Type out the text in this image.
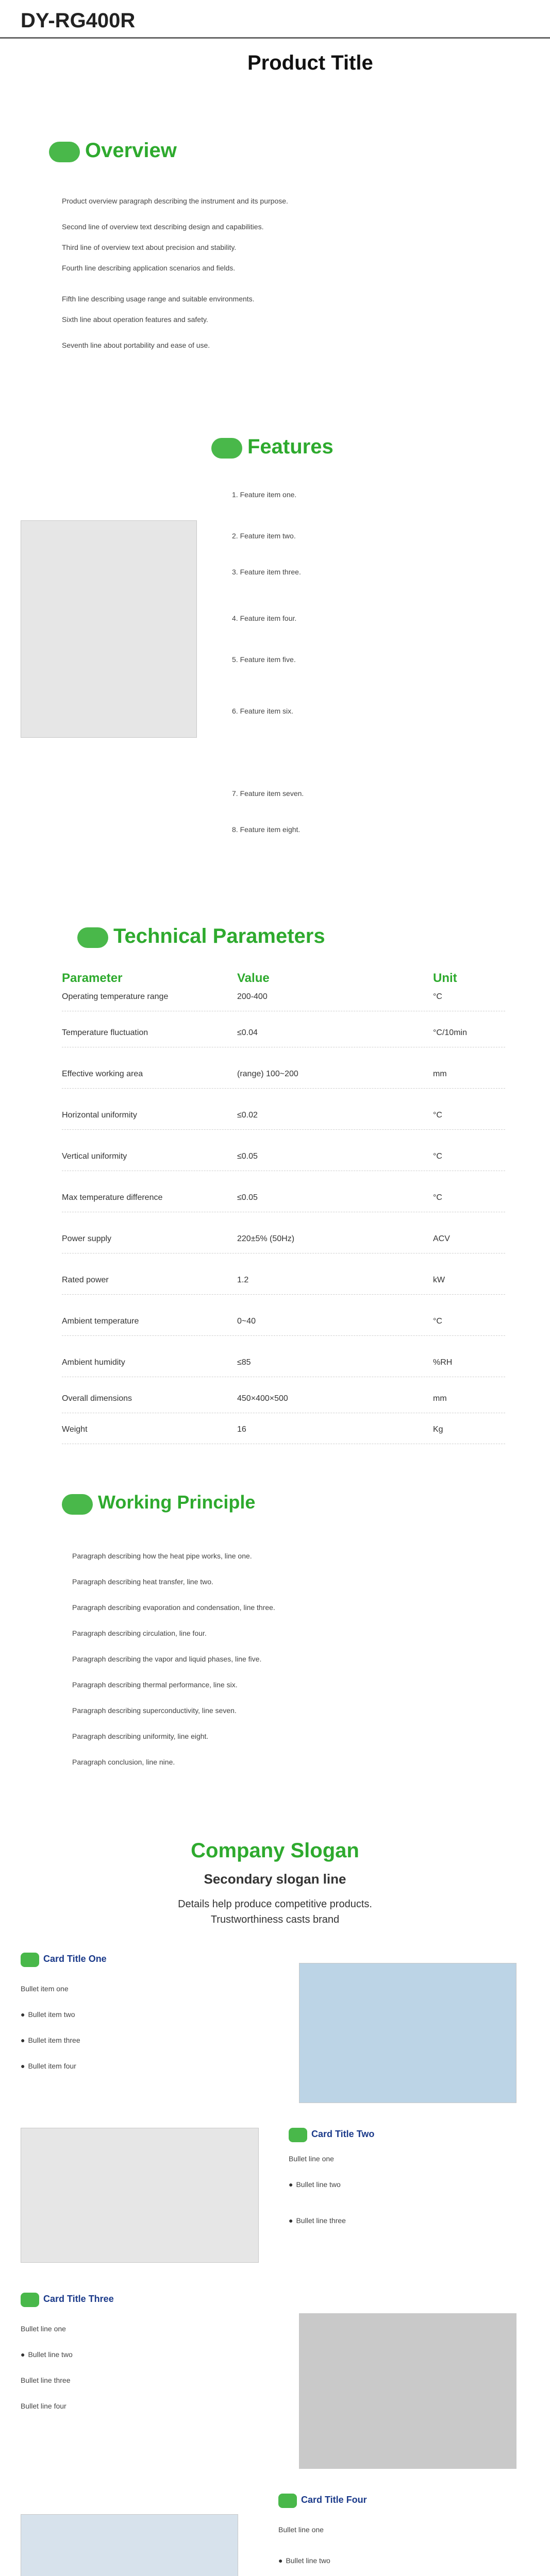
DY-RG400R
Product Title
Overview
Product overview paragraph describing the instrument and its purpose.
Second line of overview text describing design and capabilities.
Third line of overview text about precision and stability.
Fourth line describing application scenarios and fields.
Fifth line describing usage range and suitable environments.
Sixth line about operation features and safety.
Seventh line about portability and ease of use.
Features
1. Feature item one.
2. Feature item two.
3. Feature item three.
4. Feature item four.
5. Feature item five.
6. Feature item six.
7. Feature item seven.
8. Feature item eight.
Technical Parameters
Parameter	Value	Unit
Operating temperature range	200-400	°C
Temperature fluctuation	≤0.04	°C/10min
Effective working area	(range) 100~200	mm
Horizontal uniformity	≤0.02	°C
Vertical uniformity	≤0.05	°C
Max temperature difference	≤0.05	°C
Power supply	220±5% (50Hz)	ACV
Rated power	1.2	kW
Ambient temperature	0~40	°C
Ambient humidity	≤85	%RH
Overall dimensions	450×400×500	mm
Weight	16	Kg
Working Principle
Paragraph describing how the heat pipe works, line one.
Paragraph describing heat transfer, line two.
Paragraph describing evaporation and condensation, line three.
Paragraph describing circulation, line four.
Paragraph describing the vapor and liquid phases, line five.
Paragraph describing thermal performance, line six.
Paragraph describing superconductivity, line seven.
Paragraph describing uniformity, line eight.
Paragraph conclusion, line nine.
Company Slogan
Secondary slogan line
Details help produce competitive products.
Trustworthiness casts brand
Card Title One
Bullet item one
● Bullet item two
● Bullet item three
● Bullet item four
Card Title Two
Bullet line one
● Bullet line two
● Bullet line three
Card Title Three
Bullet line one
● Bullet line two
Bullet line three
Bullet line four
Card Title Four
Bullet line one
● Bullet line two
